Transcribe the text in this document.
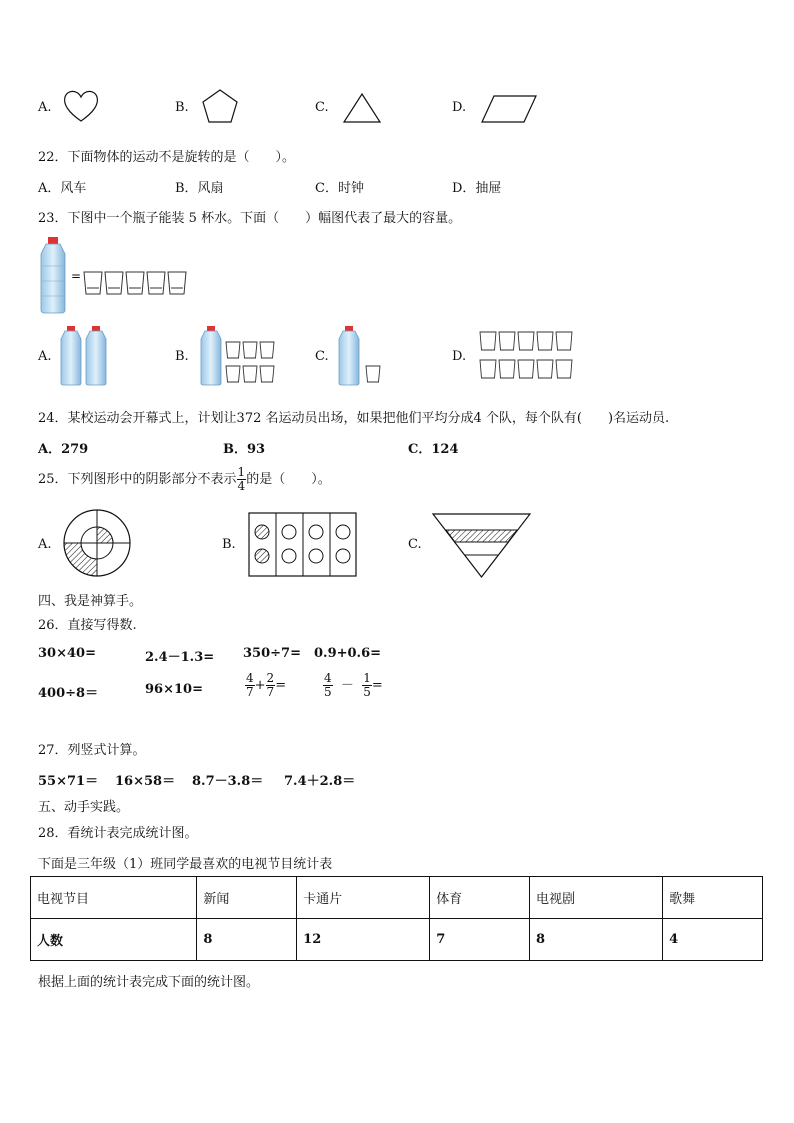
A.	B.	C.	D.
22．下面物体的运动不是旋转的是（　　）。
A．风车	B．风扇	C．时钟	D．抽屉
23．下图中一个瓶子能装 5 杯水。下面（　　）幅图代表了最大的容量。
=
A.	B.	C.	D.
24．某校运动会开幕式上，计划让372 名运动员出场，如果把他们平均分成4 个队，每个队有(　　)名运动员.
A．279	B．93	C．124
25．下列图形中的阴影部分不表示 $\frac{1}{4}$ 的是（　　）。
A.	B.	C.
四、我是神算手。
26．直接写得数.
30×40=	2.4－1.3= 350÷7= 0.9+0.6=
400÷8＝	96×10=	$\frac{4}{7} + \frac{2}{7}$ =	$\frac{4}{5} - \frac{1}{5}$ =
27．列竖式计算。
55×71＝ 16×58＝ 8.7－3.8＝ 7.4＋2.8＝
五、动手实践。
28．看统计表完成统计图。
下面是三年级（1）班同学最喜欢的电视节目统计表
电视节目	新闻	卡通片	体育	电视剧	歌舞
人数	8	12	7	8	4
根据上面的统计表完成下面的统计图。
